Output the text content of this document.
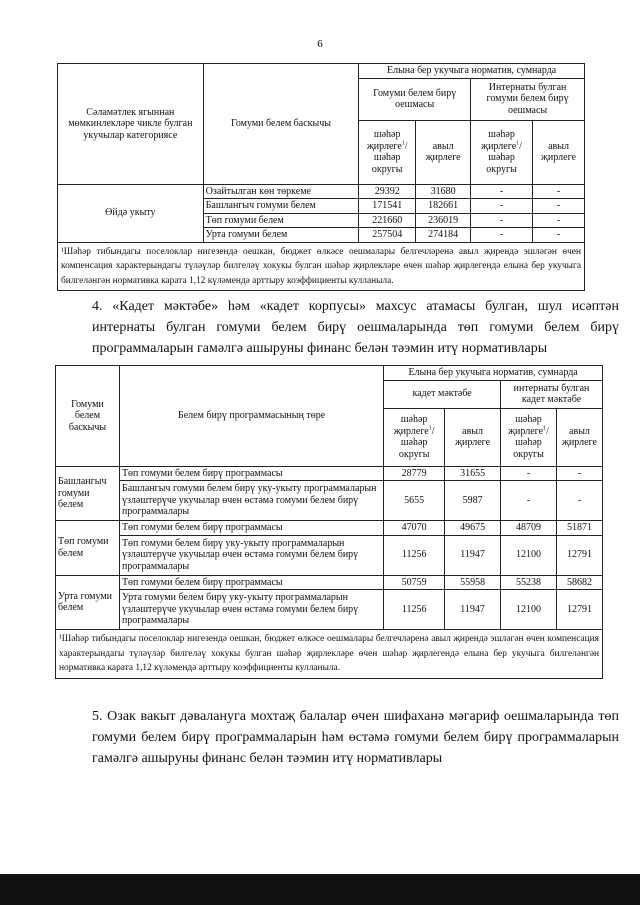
6
Сәламәтлек ягыннан мөмкинлекләре чикле булган укучылар категориясе	Гомуми белем баскычы	Елына бер укучыга норматив, сумнарда			
		Гомуми белем бирү оешмасы		Интернаты булган гомуми белем бирү оешмасы	
		шәһәр җирлеге$^1$/ шәһәр округы	авыл җирлеге	шәһәр җирлеге$^1$/ шәһәр округы	авыл җирлеге
Өйдә укыту	Озайтылган көн төркеме	29392	31680	-	-
	Башлангыч гомуми белем	171541	182661	-	-
	Төп гомуми белем	221660	236019	-	-
	Урта гомуми белем	257504	274184	-	-
¹Шәһәр тибындагы поселоклар нигезендә оешкан, бюджет өлкәсе оешмалары белгечләренә авыл җирендә эшләгән өчен компенсация характерындагы түләүләр билгеләү хокукы булган шәһәр җирлекләре өчен шәһәр җирлегендә елына бер укучыга билгеләнгән нормативка карата 1,12 күләмендә арттыру коэффициенты кулланыла.					
4. «Кадет мәктәбе» һәм «кадет корпусы» махсус атамасы булган, шул исәптән интернаты булган гомуми белем бирү оешмаларында төп гомуми белем бирү программаларын гамәлгә ашыруны финанс белән тәэмин итү нормативлары
Гомуми белем баскычы	Белем бирү программасының төре	Елына бер укучыга норматив, сумнарда			
		кадет мәктәбе		интернаты булган кадет мәктәбе	
		шәһәр җирлеге$^1$/ шәһәр округы	авыл җирлеге	шәһәр җирлеге$^1$/ шәһәр округы	авыл җирлеге
Башлангыч гомуми белем	Төп гомуми белем бирү программасы	28779	31655	-	-
	Башлангыч гомуми белем бирү уку-укыту программаларын үзләштерүче укучылар өчен өстәмә гомуми белем бирү программалары	5655	5987	-	-
Төп гомуми белем	Төп гомуми белем бирү программасы	47070	49675	48709	51871
	Төп гомуми белем бирү уку-укыту программаларын үзләштерүче укучылар өчен өстәмә гомуми белем бирү программалары	11256	11947	12100	12791
Урта гомуми белем	Төп гомуми белем бирү программасы	50759	55958	55238	58682
	Урта гомуми белем бирү уку-укыту программаларын үзләштерүче укучылар өчен өстәмә гомуми белем бирү программалары	11256	11947	12100	12791
¹Шәһәр тибындагы поселоклар нигезендә оешкан, бюджет өлкәсе оешмалары белгечләренә авыл җирендә эшләгән өчен компенсация характерындагы түләүләр билгеләү хокукы булган шәһәр җирлекләре өчен шәһәр җирлегендә елына бер укучыга билгеләнгән нормативка карата 1,12 күләмендә арттыру коэффициенты кулланыла.					
5. Озак вакыт дәвалануга мохтаҗ балалар өчен шифаханә мәгариф оешмаларында төп гомуми белем бирү программаларын һәм өстәмә гомуми белем бирү программаларын гамәлгә ашыруны финанс белән тәэмин итү нормативлары
